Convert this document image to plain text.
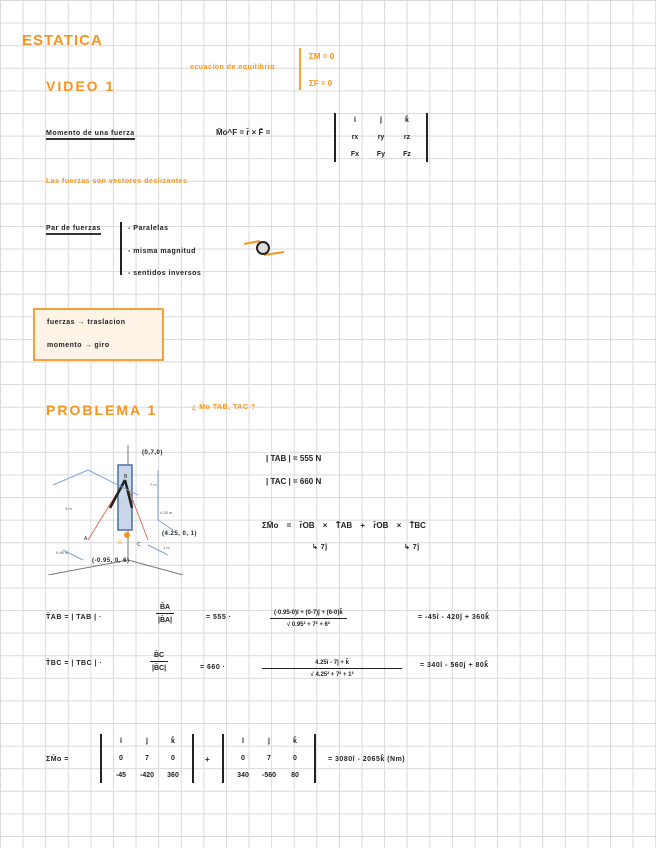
ESTATICA
VIDEO 1
ecuacion de equilibrio
ΣM = 0
ΣF = 0
Momento de una fuerza	M̄o^F = r̄ × F̄ =
î	ĵ	k̂
rx	ry	rz
Fx	Fy	Fz
Las fuerzas son vectores deslizantes
Par de fuerzas	- Paralelas
- misma magnitud
- sentidos inversos
fuerzas → traslacion
momento → giro
PROBLEMA 1	¿ M̄o TAB, TAC ?
(0,7,0)
(4.25, 0, 1)
(-0.95, 0, 6)
7 m
4 m
4.25 m
0.95 m
1 m
A
B
C
O
| TAB | = 555 N
| TAC | = 660 N
ΣM̄o = r̄OB × T̄AB + r̄OB × T̄BC
↳ 7ĵ	↳ 7ĵ
T̄AB = | TAB | ·	$\frac{B̄A}{|B̄A|}$	= 555 ·	$\frac{(-0.95-0)î + (0-7)ĵ + (6-0)k̂}{\text{√ 0.95² + 7² + 6²}}$	= -45î - 420ĵ + 360k̂
T̄BC = | TBC | ·	$\frac{B̄C}{|B̄C|}$	= 660 ·	$\frac{4.25î - 7ĵ + k̂}{\text{√ 4.25² + 7² + 1²}}$	= 340î - 560ĵ + 80k̂
ΣM̄o =
î	ĵ	k̂
0	7	0
-45	-420	360
+
î	ĵ	k̂
0	7	0
340	-560	80
= 3080î - 2065k̂ (Nm)
